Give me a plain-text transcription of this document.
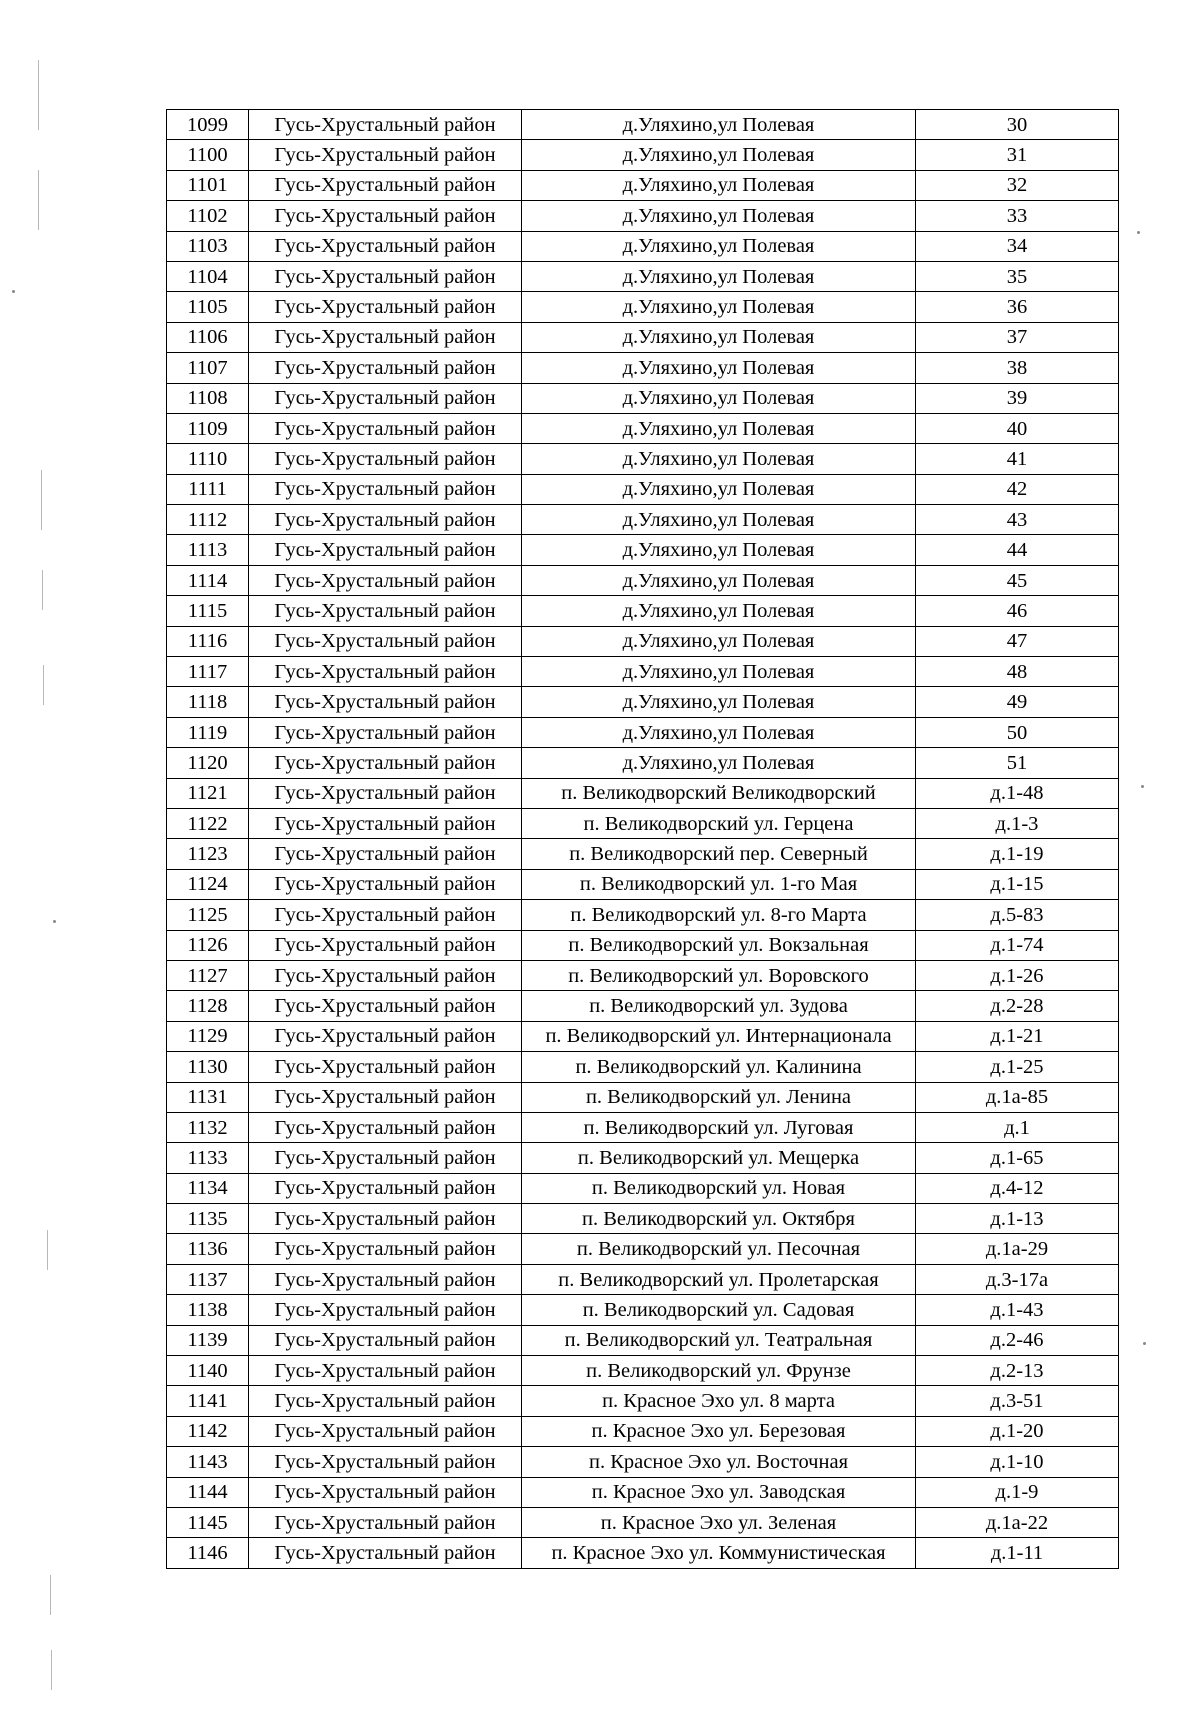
1099	Гусь-Хрустальный район	д.Уляхино,ул Полевая	30
1100	Гусь-Хрустальный район	д.Уляхино,ул Полевая	31
1101	Гусь-Хрустальный район	д.Уляхино,ул Полевая	32
1102	Гусь-Хрустальный район	д.Уляхино,ул Полевая	33
1103	Гусь-Хрустальный район	д.Уляхино,ул Полевая	34
1104	Гусь-Хрустальный район	д.Уляхино,ул Полевая	35
1105	Гусь-Хрустальный район	д.Уляхино,ул Полевая	36
1106	Гусь-Хрустальный район	д.Уляхино,ул Полевая	37
1107	Гусь-Хрустальный район	д.Уляхино,ул Полевая	38
1108	Гусь-Хрустальный район	д.Уляхино,ул Полевая	39
1109	Гусь-Хрустальный район	д.Уляхино,ул Полевая	40
1110	Гусь-Хрустальный район	д.Уляхино,ул Полевая	41
1111	Гусь-Хрустальный район	д.Уляхино,ул Полевая	42
1112	Гусь-Хрустальный район	д.Уляхино,ул Полевая	43
1113	Гусь-Хрустальный район	д.Уляхино,ул Полевая	44
1114	Гусь-Хрустальный район	д.Уляхино,ул Полевая	45
1115	Гусь-Хрустальный район	д.Уляхино,ул Полевая	46
1116	Гусь-Хрустальный район	д.Уляхино,ул Полевая	47
1117	Гусь-Хрустальный район	д.Уляхино,ул Полевая	48
1118	Гусь-Хрустальный район	д.Уляхино,ул Полевая	49
1119	Гусь-Хрустальный район	д.Уляхино,ул Полевая	50
1120	Гусь-Хрустальный район	д.Уляхино,ул Полевая	51
1121	Гусь-Хрустальный район	п. Великодворский Великодворский	д.1-48
1122	Гусь-Хрустальный район	п. Великодворский ул. Герцена	д.1-3
1123	Гусь-Хрустальный район	п. Великодворский пер. Северный	д.1-19
1124	Гусь-Хрустальный район	п. Великодворский ул. 1-го Мая	д.1-15
1125	Гусь-Хрустальный район	п. Великодворский ул. 8-го Марта	д.5-83
1126	Гусь-Хрустальный район	п. Великодворский ул. Вокзальная	д.1-74
1127	Гусь-Хрустальный район	п. Великодворский ул. Воровского	д.1-26
1128	Гусь-Хрустальный район	п. Великодворский ул. Зудова	д.2-28
1129	Гусь-Хрустальный район	п. Великодворский ул. Интернационала	д.1-21
1130	Гусь-Хрустальный район	п. Великодворский ул. Калинина	д.1-25
1131	Гусь-Хрустальный район	п. Великодворский ул. Ленина	д.1а-85
1132	Гусь-Хрустальный район	п. Великодворский ул. Луговая	д.1
1133	Гусь-Хрустальный район	п. Великодворский ул. Мещерка	д.1-65
1134	Гусь-Хрустальный район	п. Великодворский ул. Новая	д.4-12
1135	Гусь-Хрустальный район	п. Великодворский ул. Октября	д.1-13
1136	Гусь-Хрустальный район	п. Великодворский ул. Песочная	д.1а-29
1137	Гусь-Хрустальный район	п. Великодворский ул. Пролетарская	д.3-17а
1138	Гусь-Хрустальный район	п. Великодворский ул. Садовая	д.1-43
1139	Гусь-Хрустальный район	п. Великодворский ул. Театральная	д.2-46
1140	Гусь-Хрустальный район	п. Великодворский ул. Фрунзе	д.2-13
1141	Гусь-Хрустальный район	п. Красное Эхо ул. 8 марта	д.3-51
1142	Гусь-Хрустальный район	п. Красное Эхо ул. Березовая	д.1-20
1143	Гусь-Хрустальный район	п. Красное Эхо ул. Восточная	д.1-10
1144	Гусь-Хрустальный район	п. Красное Эхо ул. Заводская	д.1-9
1145	Гусь-Хрустальный район	п. Красное Эхо ул. Зеленая	д.1а-22
1146	Гусь-Хрустальный район	п. Красное Эхо ул. Коммунистическая	д.1-11
